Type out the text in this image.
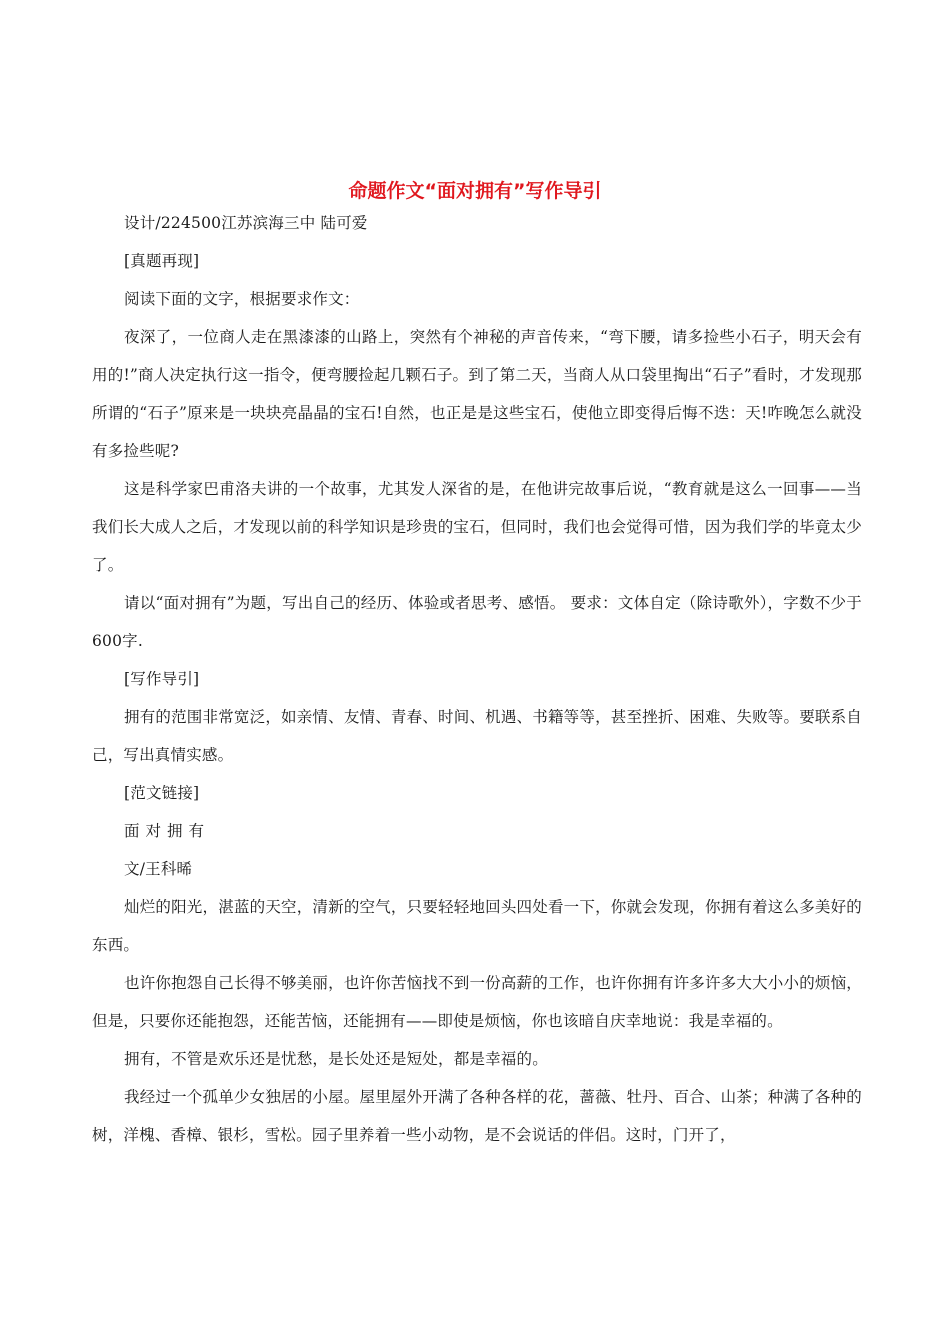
命题作文“面对拥有”写作导引

设计/224500江苏滨海三中 陆可爱

[真题再现]

阅读下面的文字，根据要求作文：

夜深了，一位商人走在黑漆漆的山路上，突然有个神秘的声音传来，“弯下腰，请多捡些小石子，明天会有用的!”商人决定执行这一指令，便弯腰捡起几颗石子。到了第二天，当商人从口袋里掏出“石子”看时，才发现那所谓的“石子”原来是一块块亮晶晶的宝石!自然，也正是是这些宝石，使他立即变得后悔不迭：天!咋晚怎么就没有多捡些呢?

这是科学家巴甫洛夫讲的一个故事，尤其发人深省的是，在他讲完故事后说，“教育就是这么一回事——当我们长大成人之后，才发现以前的科学知识是珍贵的宝石，但同时，我们也会觉得可惜，因为我们学的毕竟太少了。

请以“面对拥有”为题，写出自己的经历、体验或者思考、感悟。 要求：文体自定（除诗歌外），字数不少于600字.

[写作导引]

拥有的范围非常宽泛，如亲情、友情、青春、时间、机遇、书籍等等，甚至挫折、困难、失败等。要联系自己，写出真情实感。

[范文链接]

面对拥有

文/王科晞

灿烂的阳光，湛蓝的天空，清新的空气，只要轻轻地回头四处看一下，你就会发现，你拥有着这么多美好的东西。

也许你抱怨自己长得不够美丽，也许你苦恼找不到一份高薪的工作，也许你拥有许多许多大大小小的烦恼，但是，只要你还能抱怨，还能苦恼，还能拥有——即使是烦恼，你也该暗自庆幸地说：我是幸福的。

拥有，不管是欢乐还是忧愁，是长处还是短处，都是幸福的。

我经过一个孤单少女独居的小屋。屋里屋外开满了各种各样的花，蔷薇、牡丹、百合、山茶；种满了各种的树，洋槐、香樟、银杉，雪松。园子里养着一些小动物，是不会说话的伴侣。这时，门开了，
